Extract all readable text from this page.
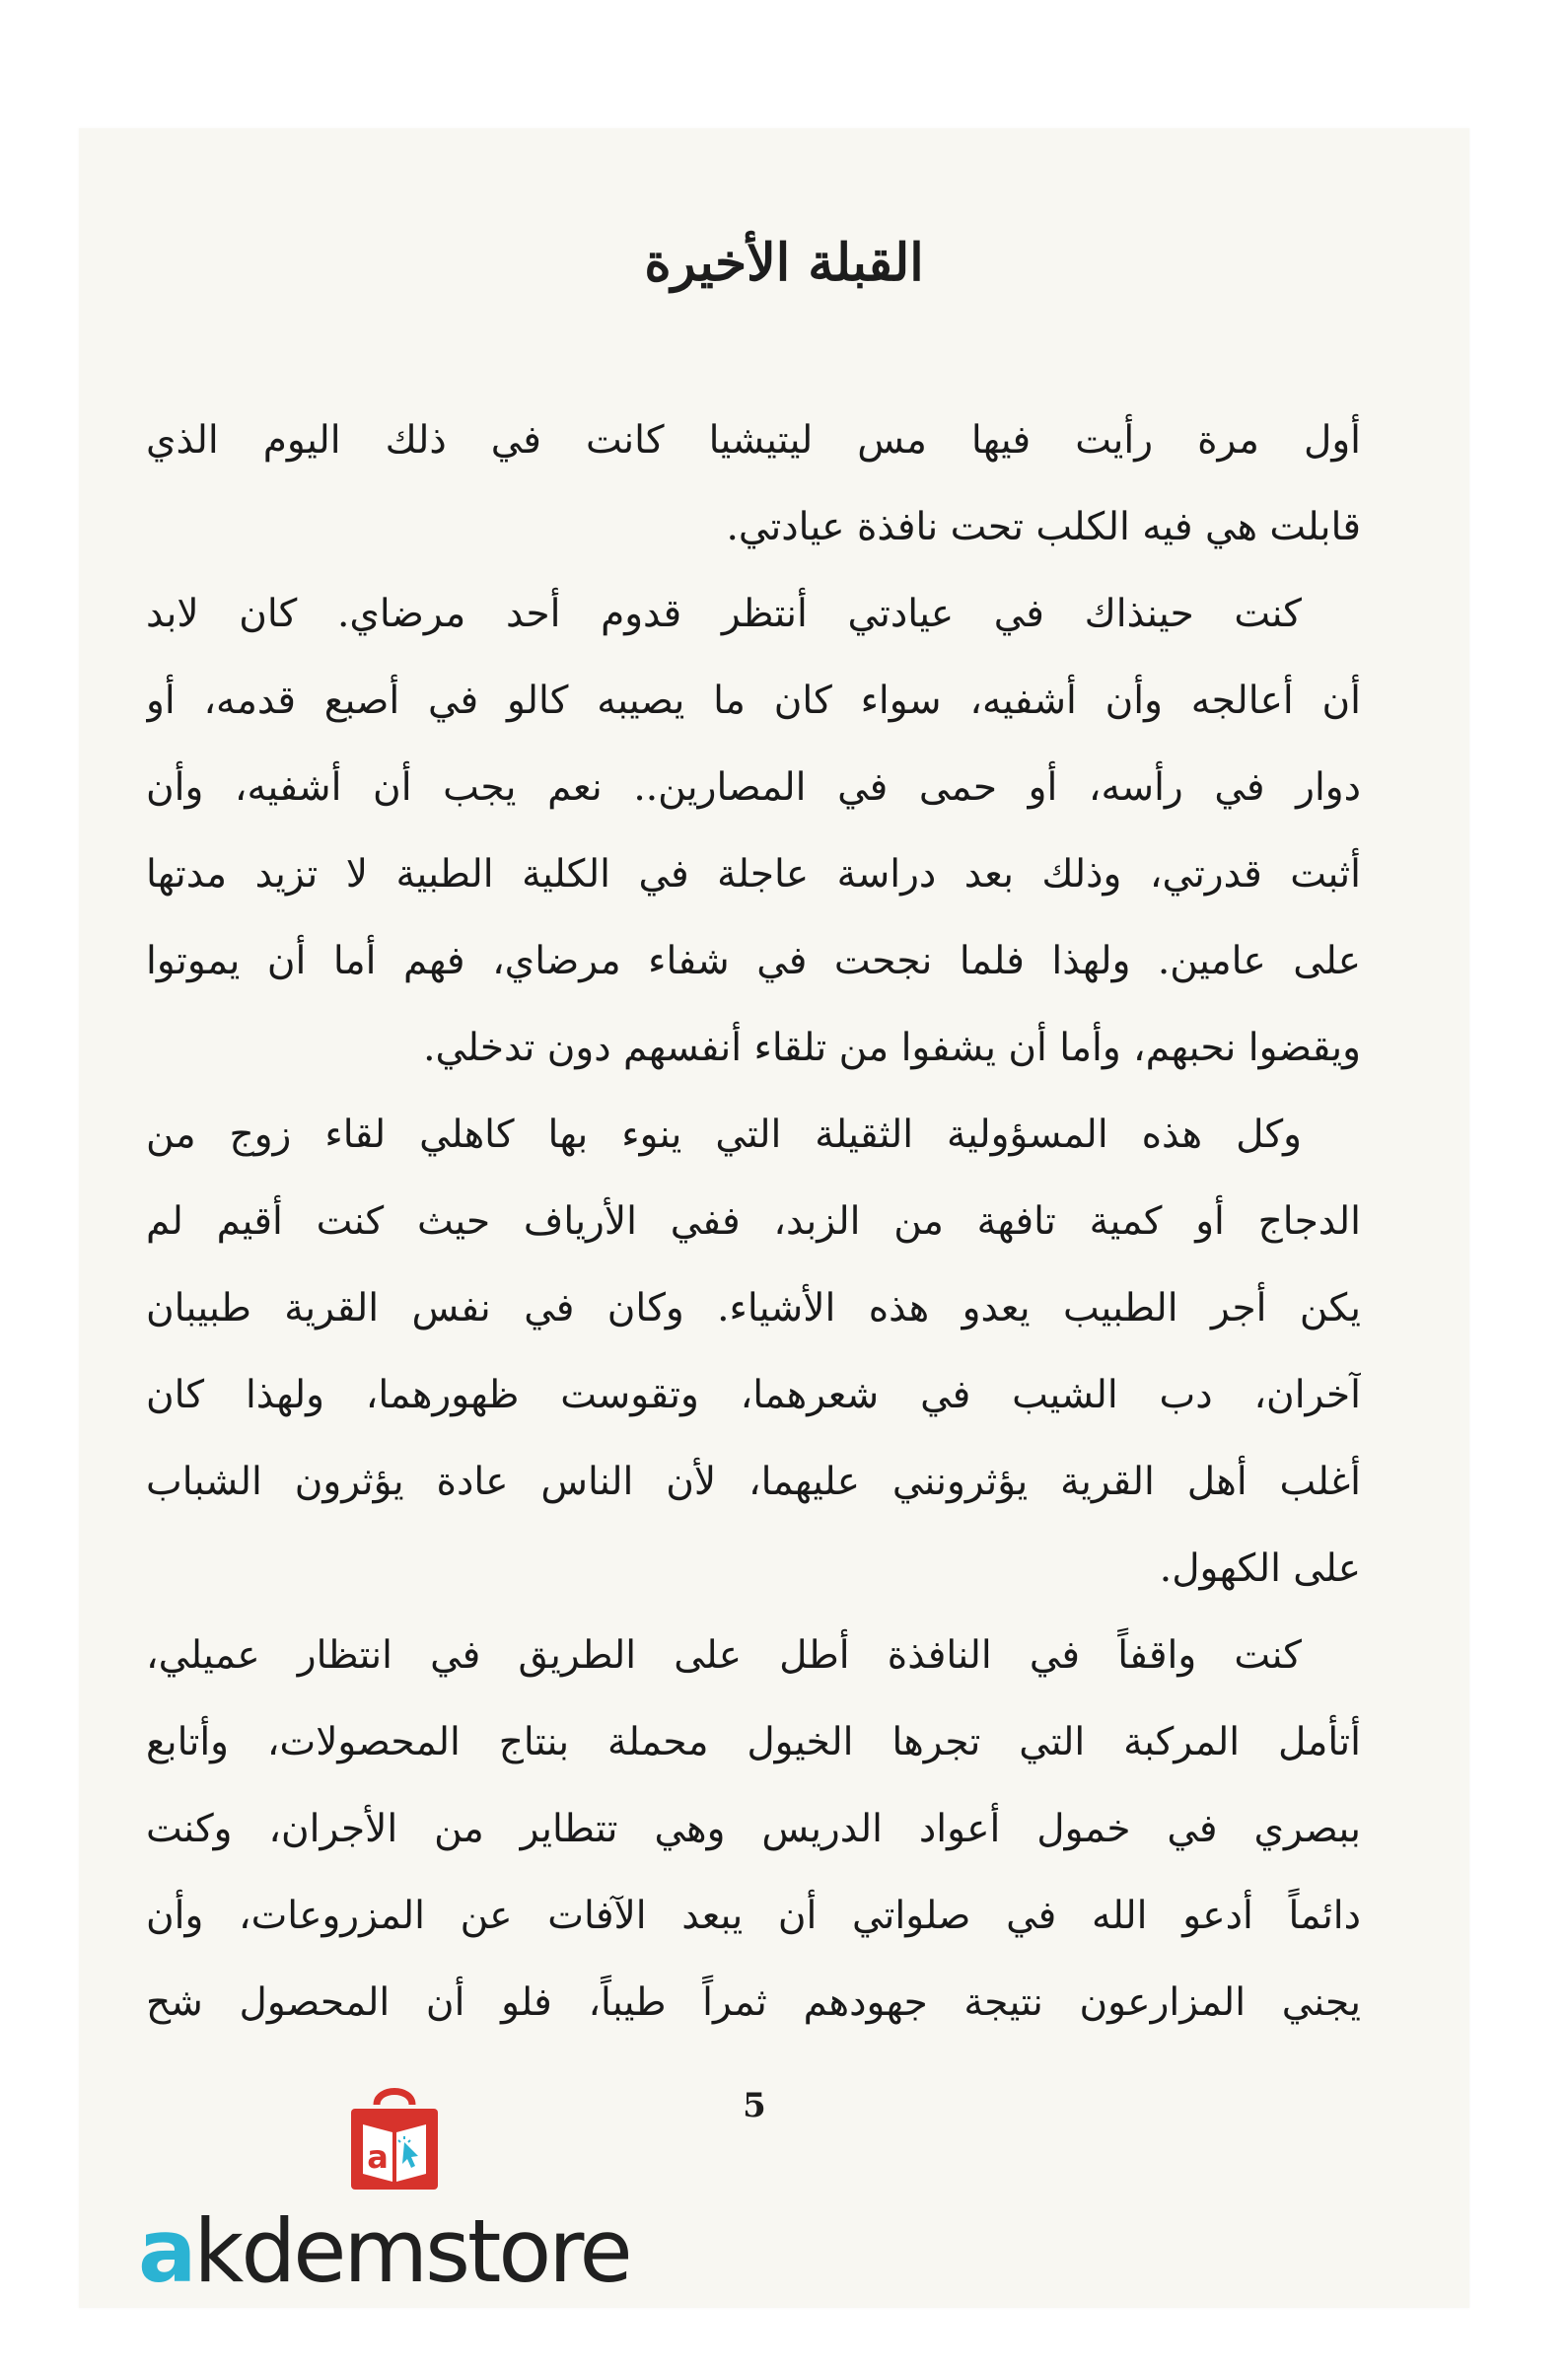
القبلة الأخيرة
أول مرة رأيت فيها مس ليتيشيا كانت في ذلك اليوم الذي
قابلت هي فيه الكلب تحت نافذة عيادتي.
كنت حينذاك في عيادتي أنتظر قدوم أحد مرضاي. كان لابد
أن أعالجه وأن أشفيه، سواء كان ما يصيبه كالو في أصبع قدمه، أو
دوار في رأسه، أو حمى في المصارين.. نعم يجب أن أشفيه، وأن
أثبت قدرتي، وذلك بعد دراسة عاجلة في الكلية الطبية لا تزيد مدتها
على عامين. ولهذا فلما نجحت في شفاء مرضاي، فهم أما أن يموتوا
ويقضوا نحبهم، وأما أن يشفوا من تلقاء أنفسهم دون تدخلي.
وكل هذه المسؤولية الثقيلة التي ينوء بها كاهلي لقاء زوج من
الدجاج أو كمية تافهة من الزبد، ففي الأرياف حيث كنت أقيم لم
يكن أجر الطبيب يعدو هذه الأشياء. وكان في نفس القرية طبيبان
آخران، دب الشيب في شعرهما، وتقوست ظهورهما، ولهذا كان
أغلب أهل القرية يؤثرونني عليهما، لأن الناس عادة يؤثرون الشباب
على الكهول.
كنت واقفاً في النافذة أطل على الطريق في انتظار عميلي،
أتأمل المركبة التي تجرها الخيول محملة بنتاج المحصولات، وأتابع
ببصري في خمول أعواد الدريس وهي تتطاير من الأجران، وكنت
دائماً أدعو الله في صلواتي أن يبعد الآفات عن المزروعات، وأن
يجني المزارعون نتيجة جهودهم ثمراً طيباً، فلو أن المحصول شح
5
a
akdemstore
